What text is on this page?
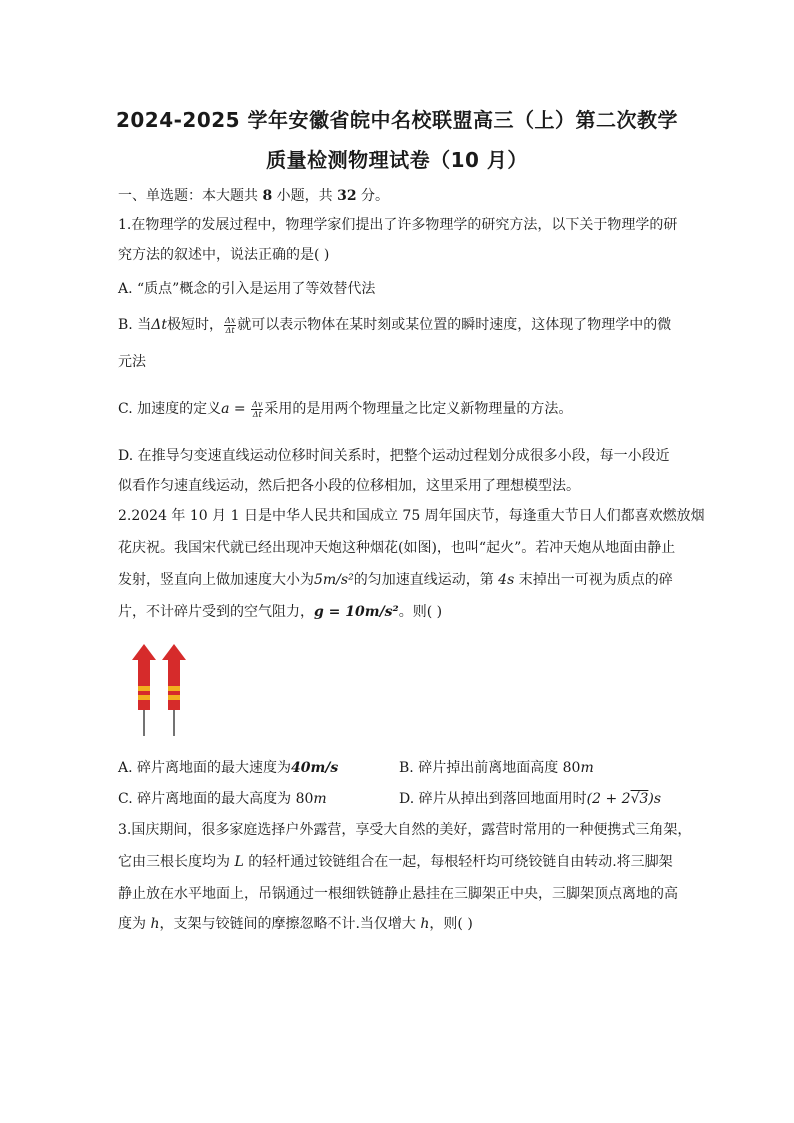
2024-2025 学年安徽省皖中名校联盟高三（上）第二次教学
质量检测物理试卷（10 月）
一、单选题：本大题共 8 小题，共 32 分。
1.在物理学的发展过程中，物理学家们提出了许多物理学的研究方法，以下关于物理学的研
究方法的叙述中，说法正确的是( )
A. “质点”概念的引入是运用了等效替代法
B. 当Δt极短时， $\frac{\Delta x}{\Delta t}$ 就可以表示物体在某时刻或某位置的瞬时速度，这体现了物理学中的微
元法
C. 加速度的定义$a = \frac{\Delta v}{\Delta t}$ 采用的是用两个物理量之比定义新物理量的方法。
D. 在推导匀变速直线运动位移时间关系时，把整个运动过程划分成很多小段，每一小段近
似看作匀速直线运动，然后把各小段的位移相加，这里采用了理想模型法。
2.2024 年 10 月 1 日是中华人民共和国成立 75 周年国庆节，每逢重大节日人们都喜欢燃放烟
花庆祝。我国宋代就已经出现冲天炮这种烟花(如图)，也叫“起火”。若冲天炮从地面由静止
发射，竖直向上做加速度大小为5m/s²的匀加速直线运动，第 4s 末掉出一可视为质点的碎
片，不计碎片受到的空气阻力，g = 10m/s²。则( )
A. 碎片离地面的最大速度为40m/s	B. 碎片掉出前离地面高度 80m
C. 碎片离地面的最大高度为 80m	D. 碎片从掉出到落回地面用时(2 + 2√3)s
3.国庆期间，很多家庭选择户外露营，享受大自然的美好，露营时常用的一种便携式三角架，
它由三根长度均为 L 的轻杆通过铰链组合在一起，每根轻杆均可绕铰链自由转动.将三脚架
静止放在水平地面上，吊锅通过一根细铁链静止悬挂在三脚架正中央，三脚架顶点离地的高
度为 h，支架与铰链间的摩擦忽略不计.当仅增大 h，则( )
